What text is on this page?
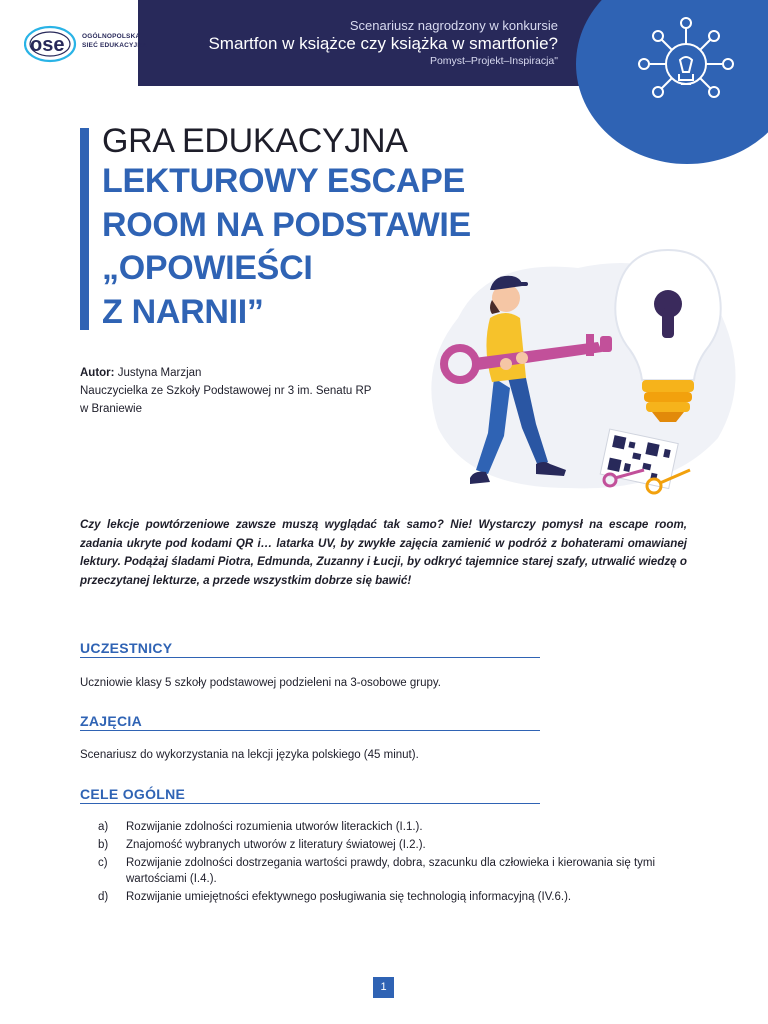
Scenariusz nagrodzony w konkursie
Smartfon w książce czy książka w smartfonie?
Pomyst–Projekt–Inspiracja"
ose	OGÓLNOPOLSKA
SIEĆ EDUKACYJNA
GRA EDUKACYJNA
LEKTUROWY ESCAPE
ROOM NA PODSTAWIE
„OPOWIEŚCI
Z NARNII”
Autor: Justyna Marzjan
Nauczycielka ze Szkoły Podstawowej nr 3 im. Senatu RP
w Braniewie

Czy lekcje powtórzeniowe zawsze muszą wyglądać tak samo? Nie! Wystarczy pomysł na escape room, zadania ukryte pod kodami QR i… latarka UV, by zwykłe zajęcia zamienić w podróż z bohaterami omawianej lektury. Podążaj śladami Piotra, Edmunda, Zuzanny i Łucji, by odkryć tajemnice starej szafy, utrwalić wiedzę o przeczytanej lekturze, a przede wszystkim dobrze się bawić!

UCZESTNICY
Uczniowie klasy 5 szkoły podstawowej podzieleni na 3-osobowe grupy.
ZAJĘCIA
Scenariusz do wykorzystania na lekcji języka polskiego (45 minut).
CELE OGÓLNE
a) Rozwijanie zdolności rozumienia utworów literackich (I.1.).
b) Znajomość wybranych utworów z literatury światowej (I.2.).
c) Rozwijanie zdolności dostrzegania wartości prawdy, dobra, szacunku dla człowieka i kierowania się tymi wartościami (I.4.).
d) Rozwijanie umiejętności efektywnego posługiwania się technologią informacyjną (IV.6.).
1
